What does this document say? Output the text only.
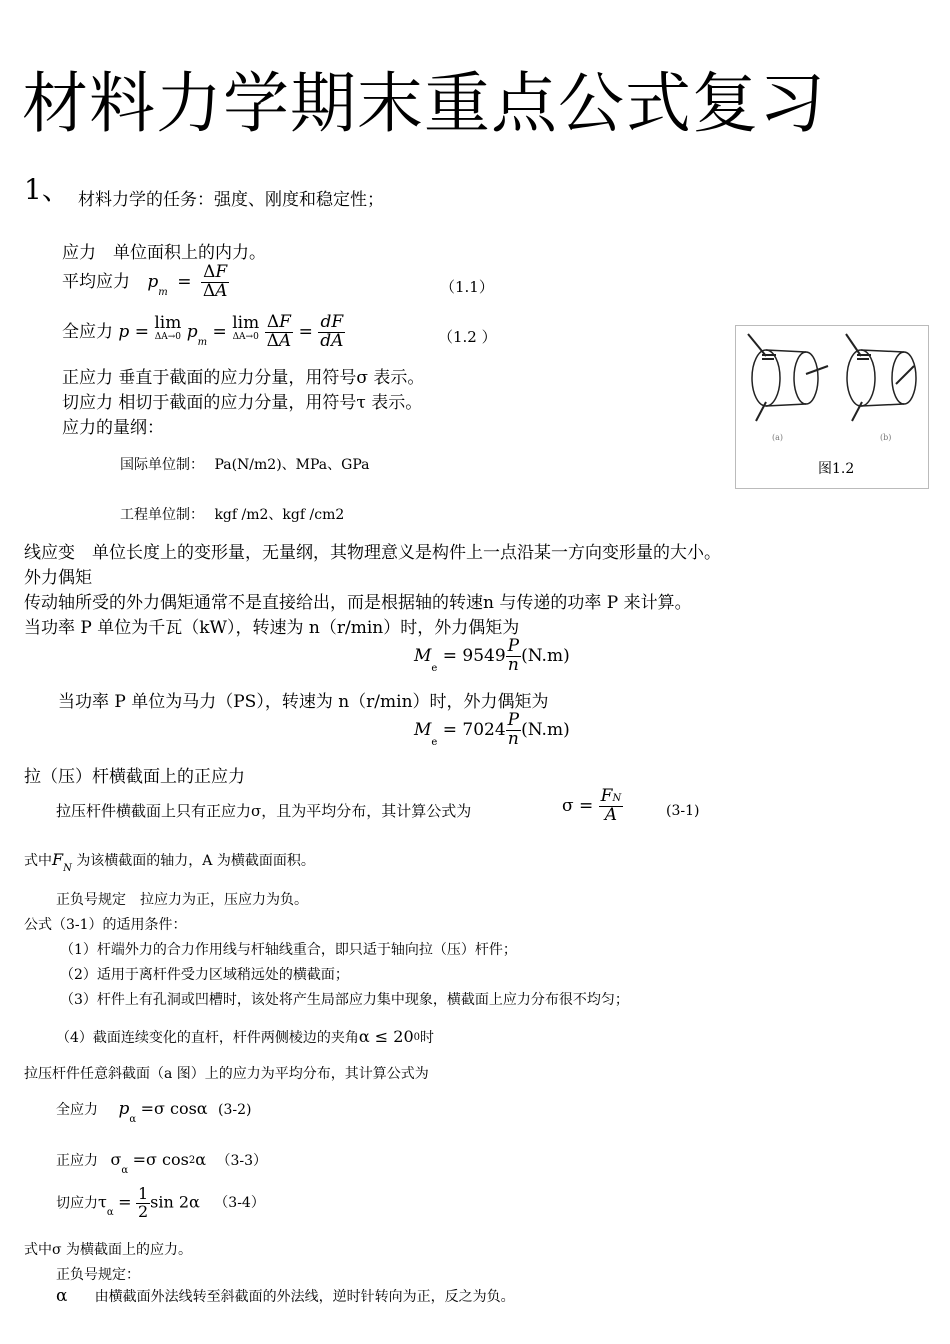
材料力学期末重点公式复习
1、 材料力学的任务：强度、刚度和稳定性；
应力　单位面积上的内力。
平均应力 $p_m = \frac{\Delta F}{\Delta A}$	（1.1）
全应力 p = lim
ΔA→0 $p_m = \lim$
ΔA→0
$\frac{\Delta F}{\Delta A} = \frac{dF}{dA}$	（1.2 ）
正应力 垂直于截面的应力分量，用符号σ 表示。
切应力 相切于截面的应力分量，用符号τ 表示。
应力的量纲：
国际单位制： Pa(N/m2)、MPa、GPa
工程单位制： kgf /m2、kgf /cm2
(a)	(b)
图1.2
线应变　单位长度上的变形量，无量纲，其物理意义是构件上一点沿某一方向变形量的大小。
外力偶矩
传动轴所受的外力偶矩通常不是直接给出，而是根据轴的转速n 与传递的功率 P 来计算。
当功率 P 单位为千瓦（kW），转速为 n（r/min）时，外力偶矩为
$M_e = 9549 \frac{P}{n} (N.m)$
当功率 P 单位为马力（PS），转速为 n（r/min）时，外力偶矩为
$M_e = 7024 \frac{P}{n} (N.m)$
拉（压）杆横截面上的正应力
拉压杆件横截面上只有正应力σ，且为平均分布，其计算公式为	$\sigma = \frac{FN}{A}$	(3-1)
式中$F_N$ 为该横截面的轴力，A 为横截面面积。
正负号规定　拉应力为正，压应力为负。
公式（3-1）的适用条件：
（1）杆端外力的合力作用线与杆轴线重合，即只适于轴向拉（压）杆件；
（2）适用于离杆件受力区域稍远处的横截面；
（3）杆件上有孔洞或凹槽时，该处将产生局部应力集中现象，横截面上应力分布很不均匀；
（4）截面连续变化的直杆，杆件两侧棱边的夹角α ≤ 200时
拉压杆件任意斜截面（a 图）上的应力为平均分布，其计算公式为
全应力 $p_\alpha =\sigma$ cosα (3-2)
正应力 $\sigma_\alpha =\sigma$ cos2α （3-3）
切应力$\tau_\alpha = \frac{1}{2}$ sin 2α （3-4）
式中σ 为横截面上的应力。
正负号规定：
α 由横截面外法线转至斜截面的外法线，逆时针转向为正，反之为负。
